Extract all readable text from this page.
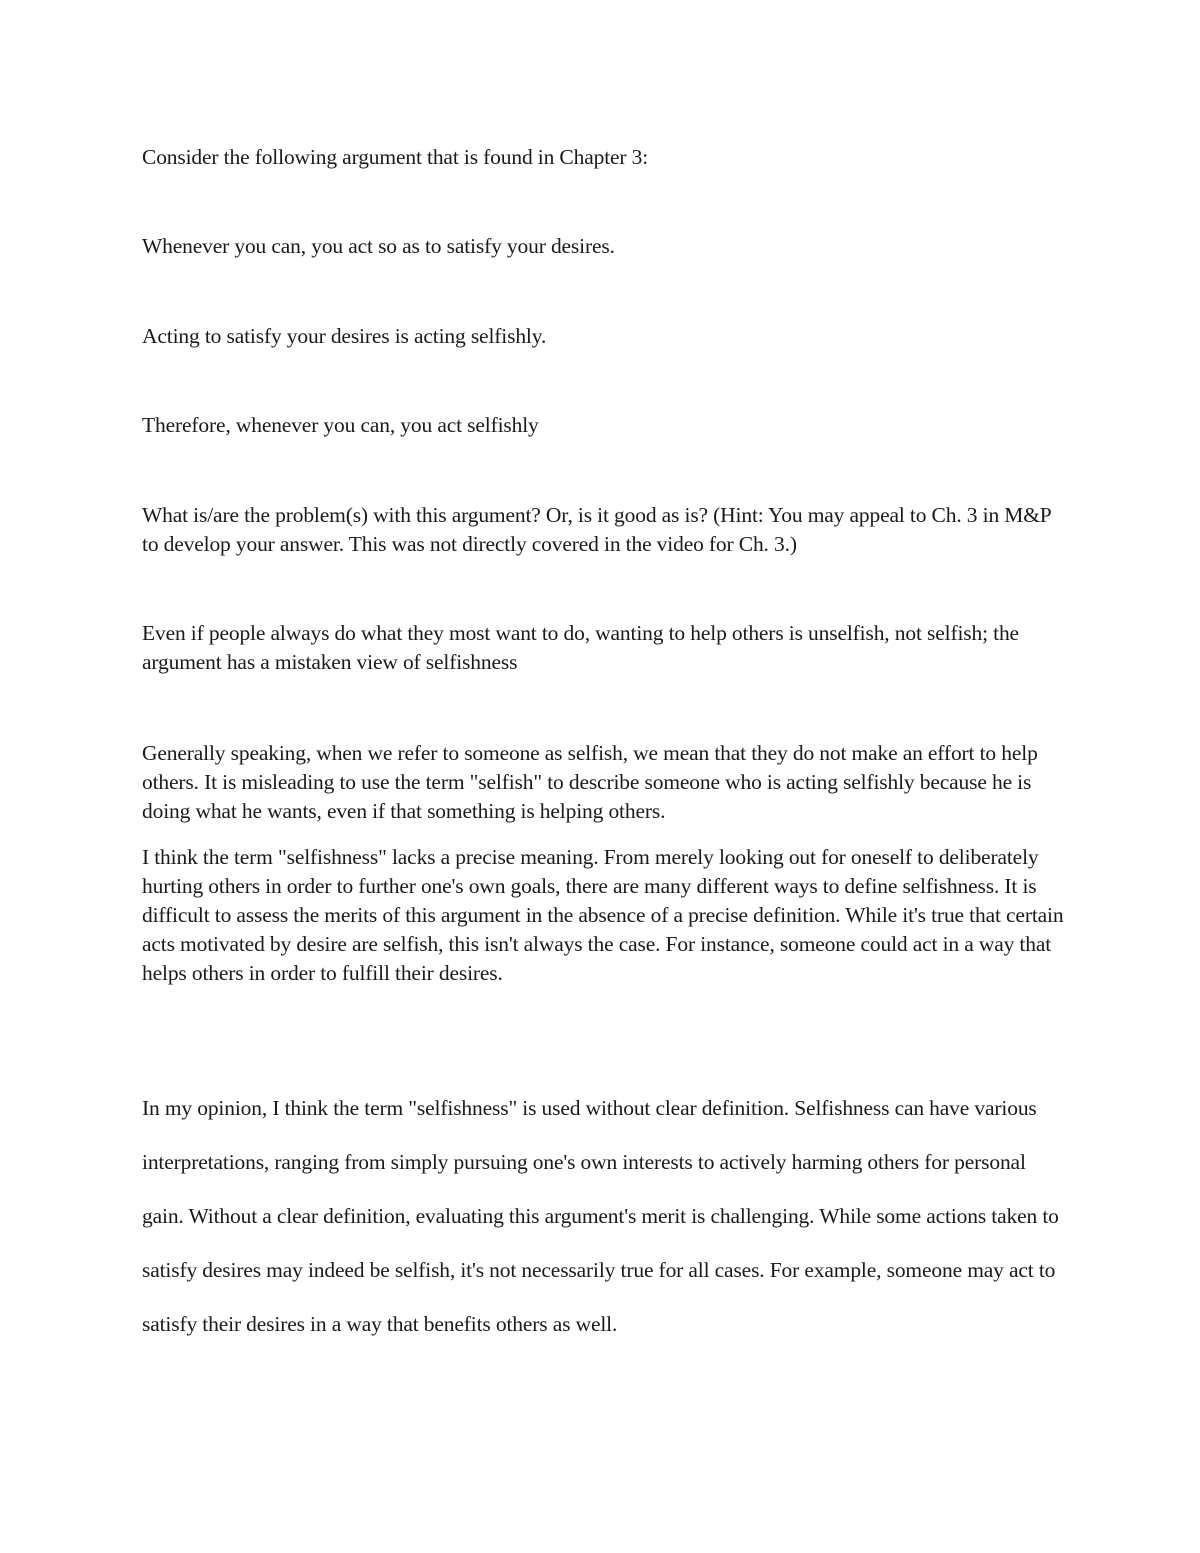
Consider the following argument that is found in Chapter 3:

Whenever you can, you act so as to satisfy your desires.

Acting to satisfy your desires is acting selfishly.

Therefore, whenever you can, you act selfishly

What is/are the problem(s) with this argument? Or, is it good as is? (Hint: You may appeal to Ch. 3 in M&P to develop your answer. This was not directly covered in the video for Ch. 3.)

Even if people always do what they most want to do, wanting to help others is unselfish, not selfish; the argument has a mistaken view of selfishness

Generally speaking, when we refer to someone as selfish, we mean that they do not make an effort to help others. It is misleading to use the term "selfish" to describe someone who is acting selfishly because he is doing what he wants, even if that something is helping others.

I think the term "selfishness" lacks a precise meaning. From merely looking out for oneself to deliberately hurting others in order to further one's own goals, there are many different ways to define selfishness. It is difficult to assess the merits of this argument in the absence of a precise definition. While it's true that certain acts motivated by desire are selfish, this isn't always the case. For instance, someone could act in a way that helps others in order to fulfill their desires.

In my opinion, I think the term "selfishness" is used without clear definition. Selfishness can have various interpretations, ranging from simply pursuing one's own interests to actively harming others for personal gain. Without a clear definition, evaluating this argument's merit is challenging. While some actions taken to satisfy desires may indeed be selfish, it's not necessarily true for all cases. For example, someone may act to satisfy their desires in a way that benefits others as well.
